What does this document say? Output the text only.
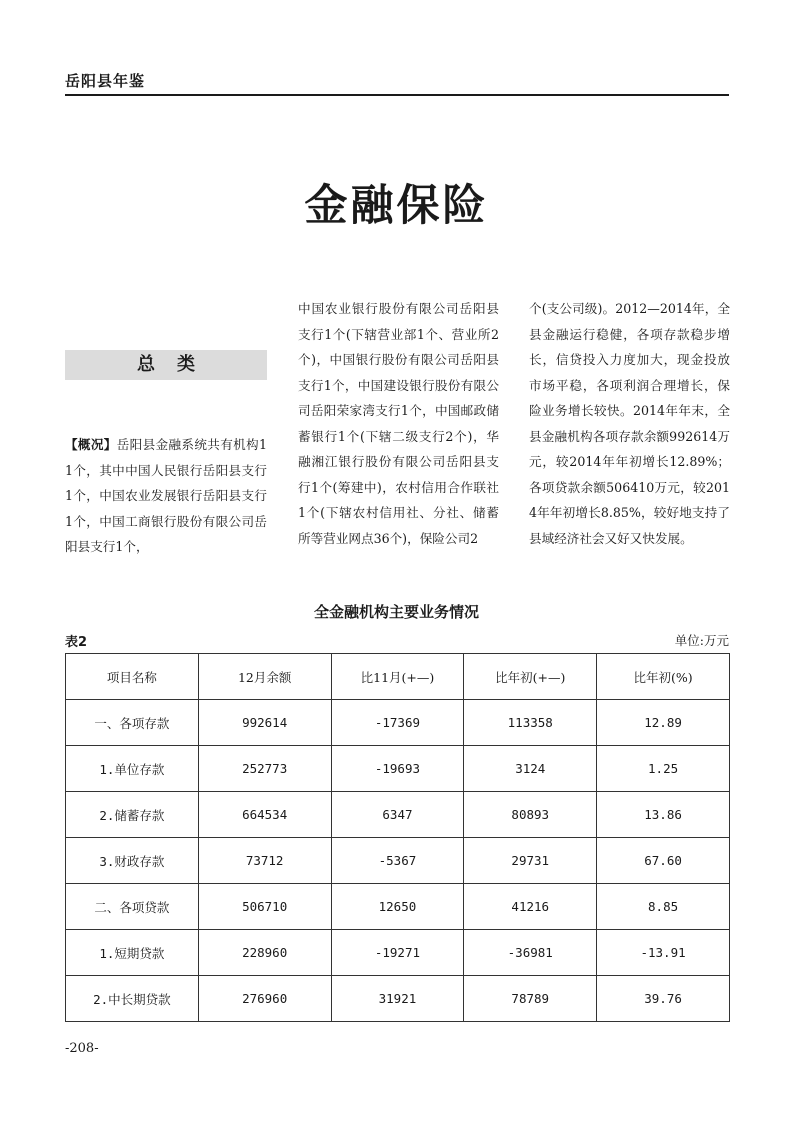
岳阳县年鉴
金融保险
总类
【概况】岳阳县金融系统共有机构11个，其中中国人民银行岳阳县支行1个，中国农业发展银行岳阳县支行1个，中国工商银行股份有限公司岳阳县支行1个，
中国农业银行股份有限公司岳阳县支行1个(下辖营业部1个、营业所2个)，中国银行股份有限公司岳阳县支行1个，中国建设银行股份有限公司岳阳荣家湾支行1个，中国邮政储蓄银行1个(下辖二级支行2个)，华融湘江银行股份有限公司岳阳县支行1个(筹建中)，农村信用合作联社1个(下辖农村信用社、分社、储蓄所等营业网点36个)，保险公司2
个(支公司级)。2012—2014年，全县金融运行稳健，各项存款稳步增长，信贷投入力度加大，现金投放市场平稳，各项利润合理增长，保险业务增长较快。2014年年末，全县金融机构各项存款余额992614万元，较2014年年初增长12.89%；各项贷款余额506410万元，较2014年年初增长8.85%，较好地支持了县域经济社会又好又快发展。
全金融机构主要业务情况
表2	单位:万元
项目名称	12月余额	比11月(+—)	比年初(+—)	比年初(%)
一、各项存款	992614	-17369	113358	12.89
1.单位存款	252773	-19693	3124	1.25
2.储蓄存款	664534	6347	80893	13.86
3.财政存款	73712	-5367	29731	67.60
二、各项贷款	506710	12650	41216	8.85
1.短期贷款	228960	-19271	-36981	-13.91
2.中长期贷款	276960	31921	78789	39.76
-208-
